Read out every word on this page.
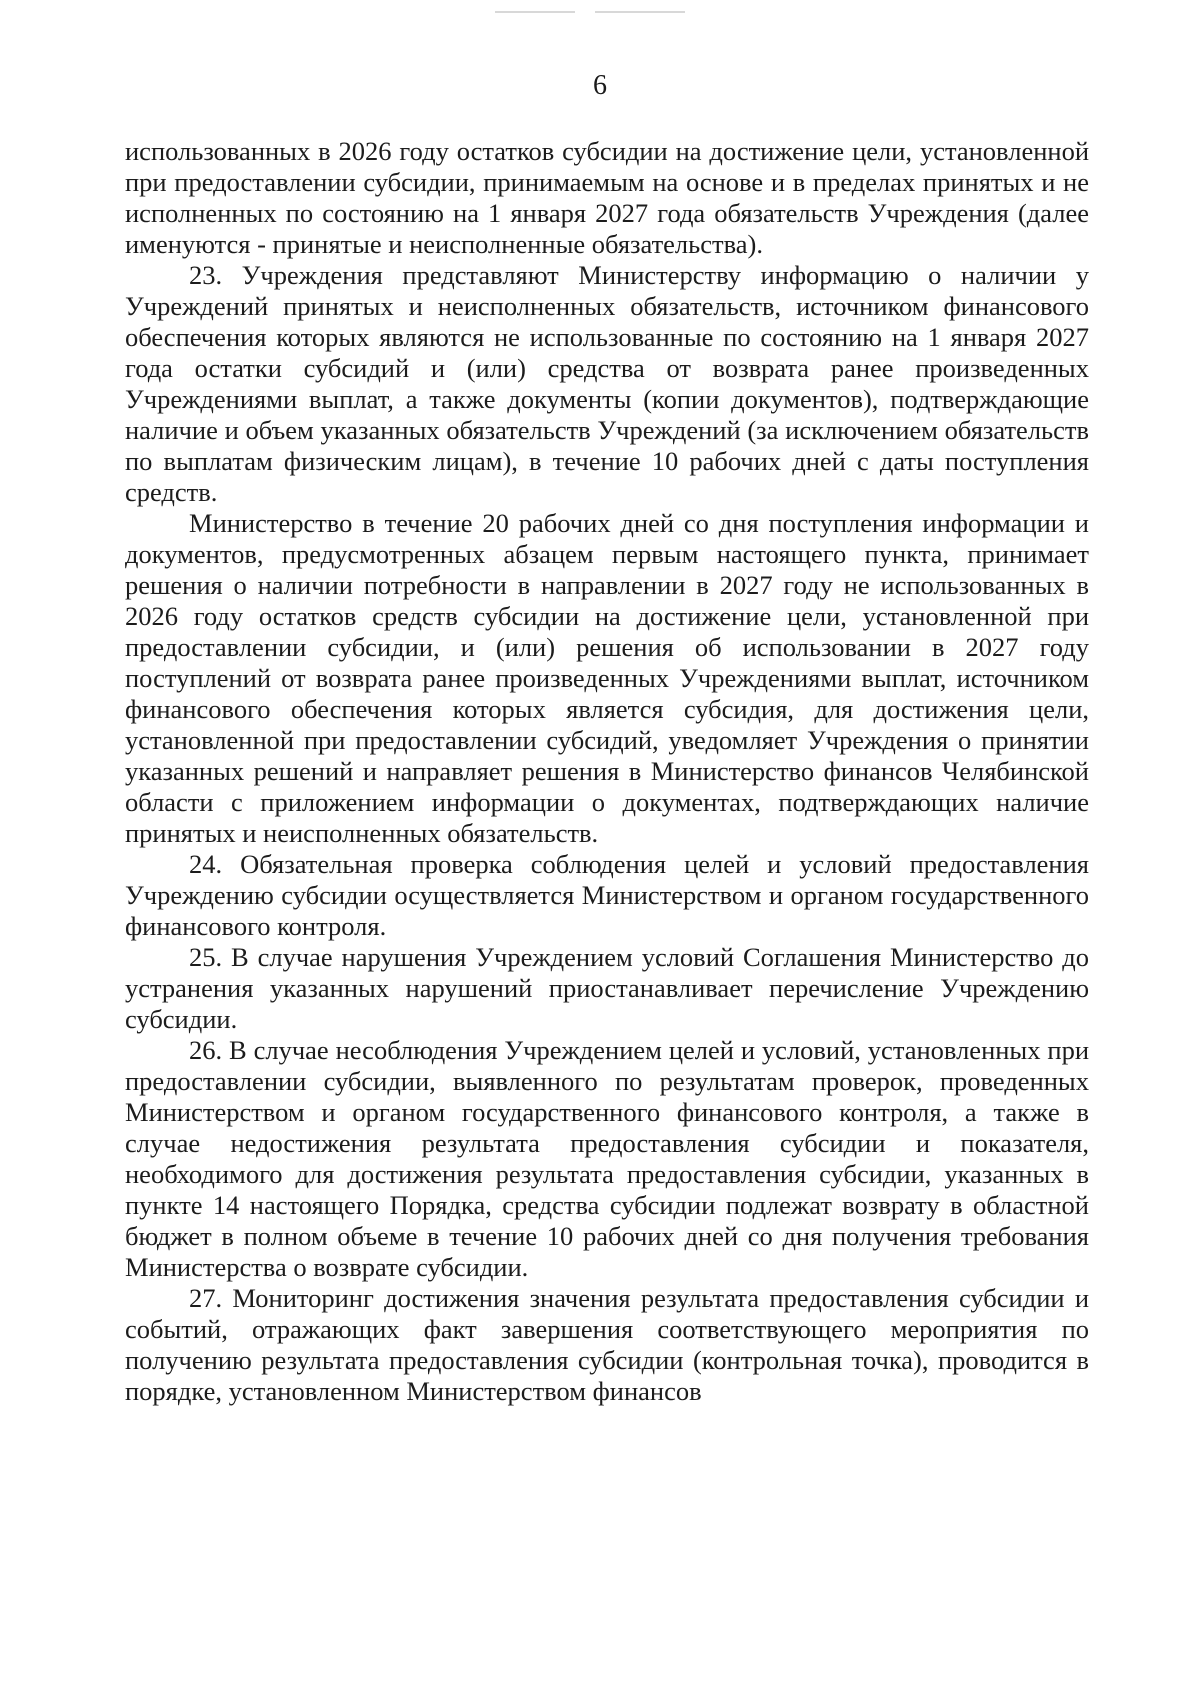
6

использованных в 2026 году остатков субсидии на достижение цели, установленной при предоставлении субсидии, принимаемым на основе и в пределах принятых и не исполненных по состоянию на 1 января 2027 года обязательств Учреждения (далее именуются - принятые и неисполненные обязательства).

23. Учреждения представляют Министерству информацию о наличии у Учреждений принятых и неисполненных обязательств, источником финансового обеспечения которых являются не использованные по состоянию на 1 января 2027 года остатки субсидий и (или) средства от возврата ранее произведенных Учреждениями выплат, а также документы (копии документов), подтверждающие наличие и объем указанных обязательств Учреждений (за исключением обязательств по выплатам физическим лицам), в течение 10 рабочих дней с даты поступления средств.

Министерство в течение 20 рабочих дней со дня поступления информации и документов, предусмотренных абзацем первым настоящего пункта, принимает решения о наличии потребности в направлении в 2027 году не использованных в 2026 году остатков средств субсидии на достижение цели, установленной при предоставлении субсидии, и (или) решения об использовании в 2027 году поступлений от возврата ранее произведенных Учреждениями выплат, источником финансового обеспечения которых является субсидия, для достижения цели, установленной при предоставлении субсидий, уведомляет Учреждения о принятии указанных решений и направляет решения в Министерство финансов Челябинской области с приложением информации о документах, подтверждающих наличие принятых и неисполненных обязательств.

24. Обязательная проверка соблюдения целей и условий предоставления Учреждению субсидии осуществляется Министерством и органом государственного финансового контроля.

25. В случае нарушения Учреждением условий Соглашения Министерство до устранения указанных нарушений приостанавливает перечисление Учреждению субсидии.

26. В случае несоблюдения Учреждением целей и условий, установленных при предоставлении субсидии, выявленного по результатам проверок, проведенных Министерством и органом государственного финансового контроля, а также в случае недостижения результата предоставления субсидии и показателя, необходимого для достижения результата предоставления субсидии, указанных в пункте 14 настоящего Порядка, средства субсидии подлежат возврату в областной бюджет в полном объеме в течение 10 рабочих дней со дня получения требования Министерства о возврате субсидии.

27. Мониторинг достижения значения результата предоставления субсидии и событий, отражающих факт завершения соответствующего мероприятия по получению результата предоставления субсидии (контрольная точка), проводится в порядке, установленном Министерством финансов
